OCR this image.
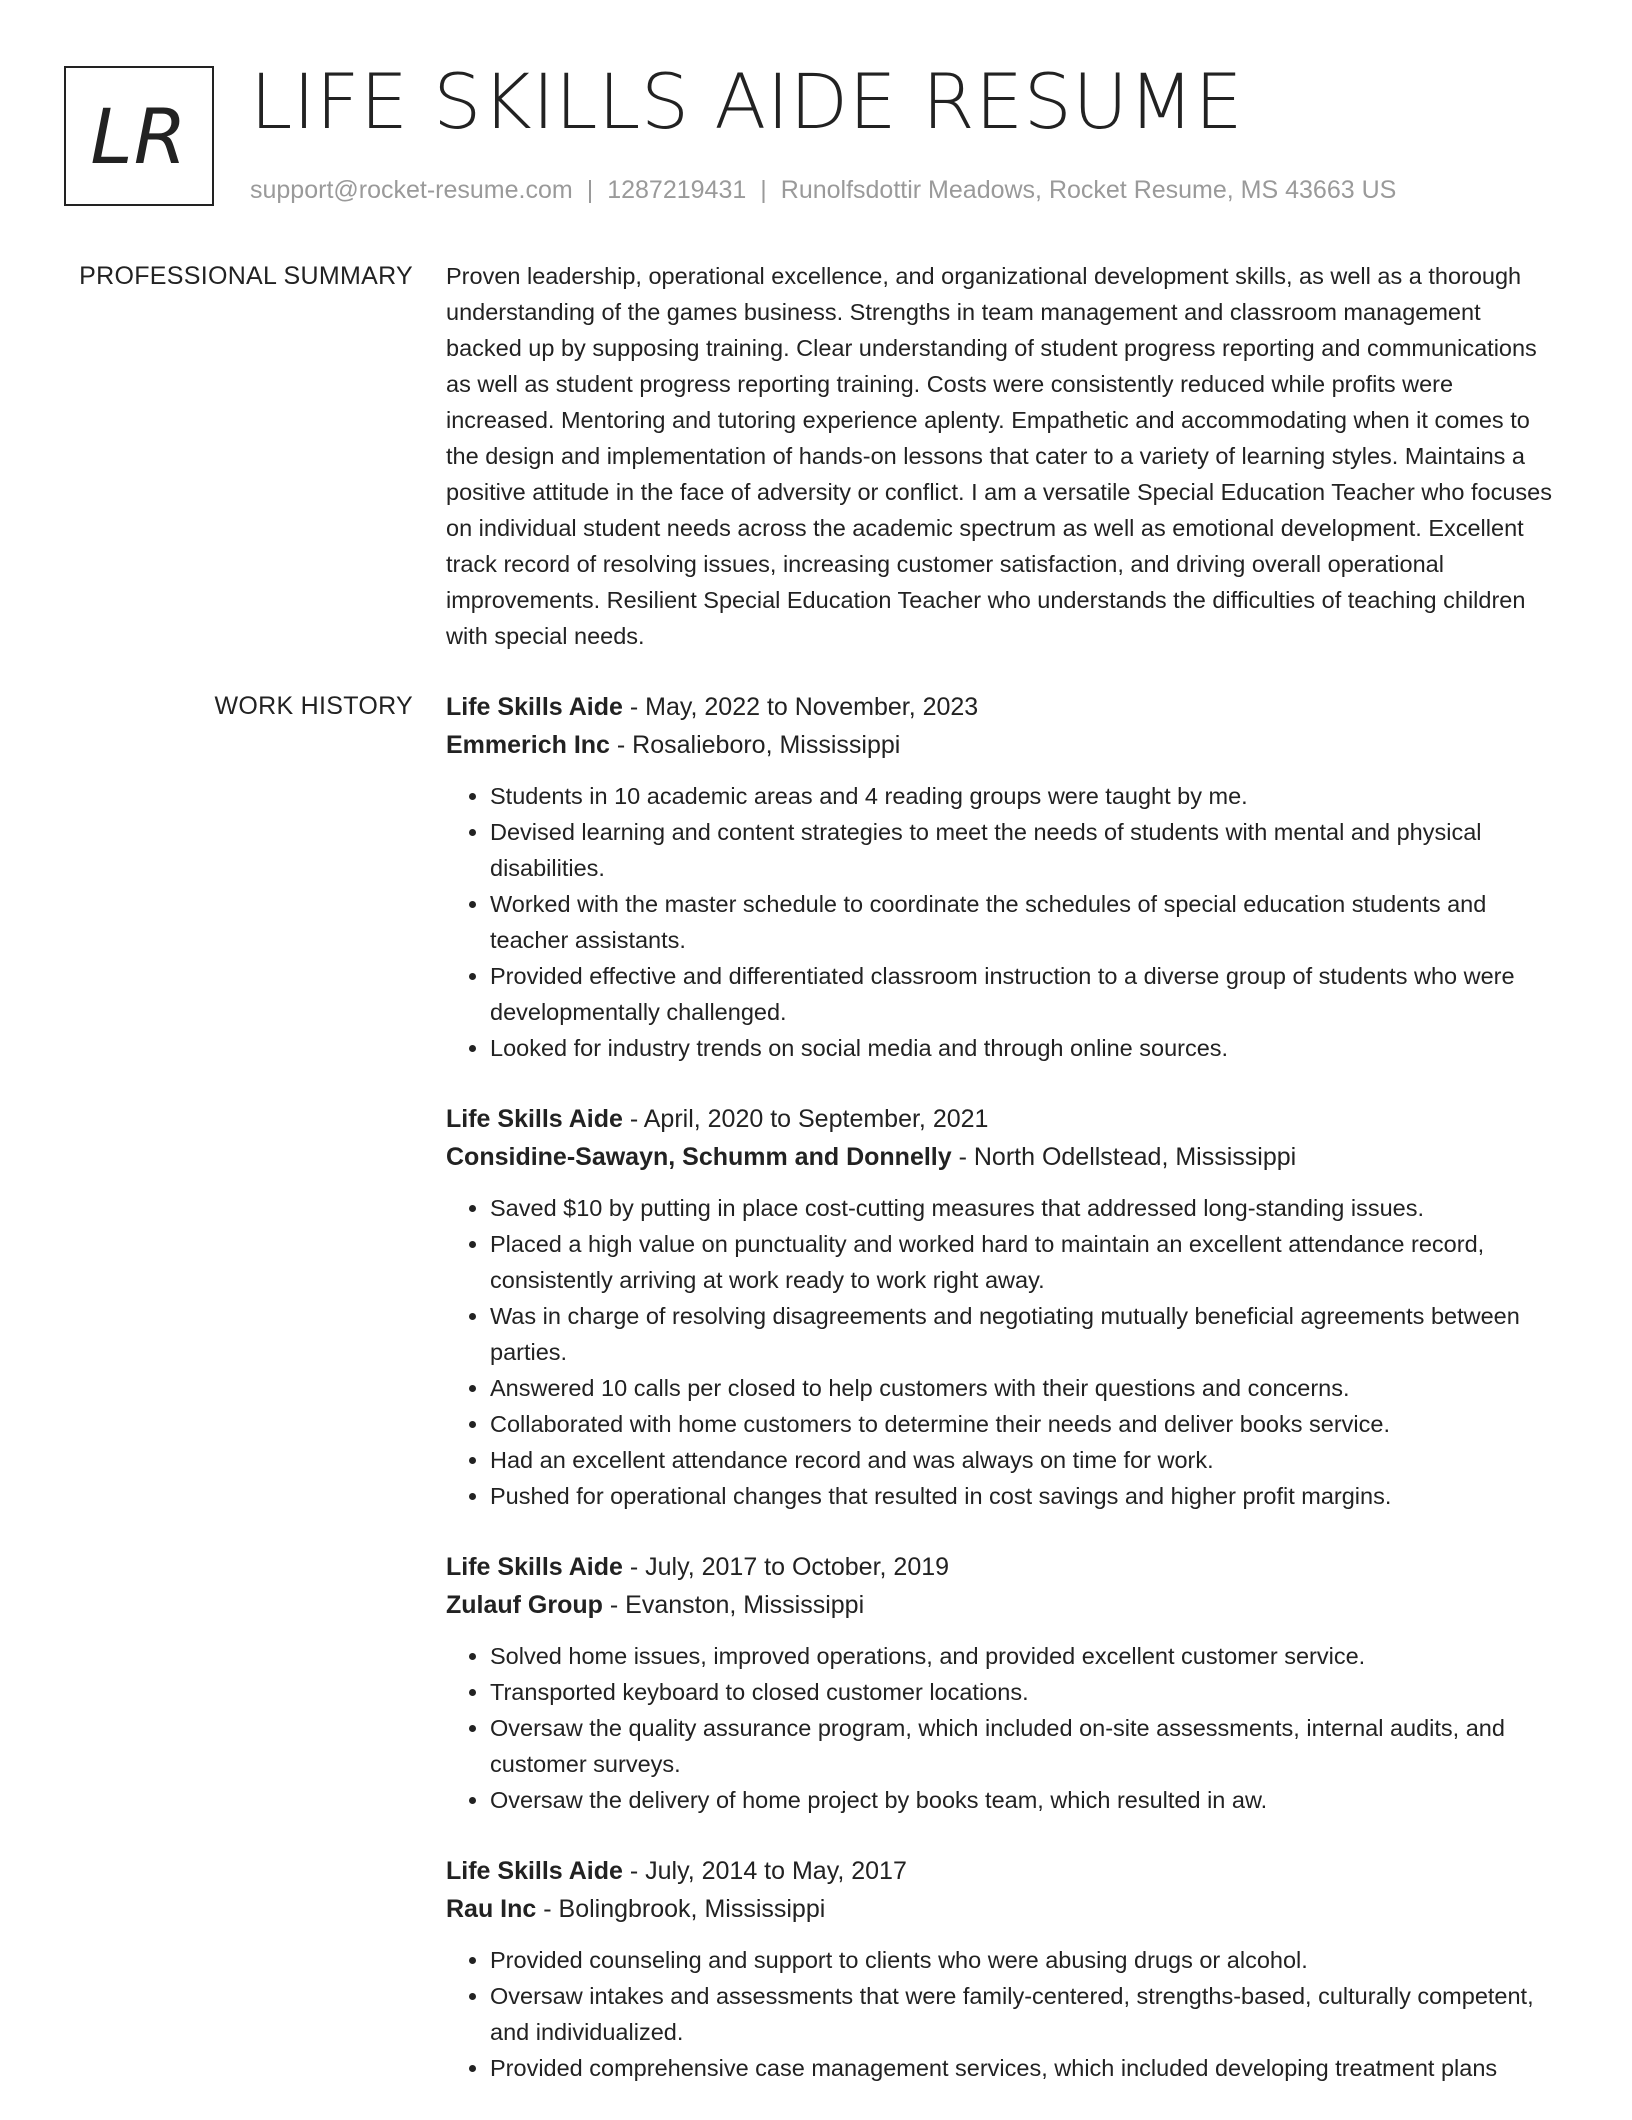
LR LIFE SKILLS AIDE RESUME
support@rocket-resume.com | 1287219431 | Runolfsdottir Meadows, Rocket Resume, MS 43663 US
PROFESSIONAL SUMMARY Proven leadership, operational excellence, and organizational development skills, as well as a thorough understanding of the games business. Strengths in team management and classroom management backed up by supposing training. Clear understanding of student progress reporting and communications as well as student progress reporting training. Costs were consistently reduced while profits were increased. Mentoring and tutoring experience aplenty. Empathetic and accommodating when it comes to the design and implementation of hands-on lessons that cater to a variety of learning styles. Maintains a positive attitude in the face of adversity or conflict. I am a versatile Special Education Teacher who focuses on individual student needs across the academic spectrum as well as emotional development. Excellent track record of resolving issues, increasing customer satisfaction, and driving overall operational improvements. Resilient Special Education Teacher who understands the difficulties of teaching children with special needs.
WORK HISTORY Life Skills Aide - May, 2022 to November, 2023
Emmerich Inc - Rosalieboro, Mississippi
• Students in 10 academic areas and 4 reading groups were taught by me.
• Devised learning and content strategies to meet the needs of students with mental and physical disabilities.
• Worked with the master schedule to coordinate the schedules of special education students and teacher assistants.
• Provided effective and differentiated classroom instruction to a diverse group of students who were developmentally challenged.
• Looked for industry trends on social media and through online sources.
Life Skills Aide - April, 2020 to September, 2021
Considine-Sawayn, Schumm and Donnelly - North Odellstead, Mississippi
• Saved $10 by putting in place cost-cutting measures that addressed long-standing issues.
• Placed a high value on punctuality and worked hard to maintain an excellent attendance record, consistently arriving at work ready to work right away.
• Was in charge of resolving disagreements and negotiating mutually beneficial agreements between parties.
• Answered 10 calls per closed to help customers with their questions and concerns.
• Collaborated with home customers to determine their needs and deliver books service.
• Had an excellent attendance record and was always on time for work.
• Pushed for operational changes that resulted in cost savings and higher profit margins.
Life Skills Aide - July, 2017 to October, 2019
Zulauf Group - Evanston, Mississippi
• Solved home issues, improved operations, and provided excellent customer service.
• Transported keyboard to closed customer locations.
• Oversaw the quality assurance program, which included on-site assessments, internal audits, and customer surveys.
• Oversaw the delivery of home project by books team, which resulted in aw.
Life Skills Aide - July, 2014 to May, 2017
Rau Inc - Bolingbrook, Mississippi
• Provided counseling and support to clients who were abusing drugs or alcohol.
• Oversaw intakes and assessments that were family-centered, strengths-based, culturally competent, and individualized.
• Provided comprehensive case management services, which included developing treatment plans
